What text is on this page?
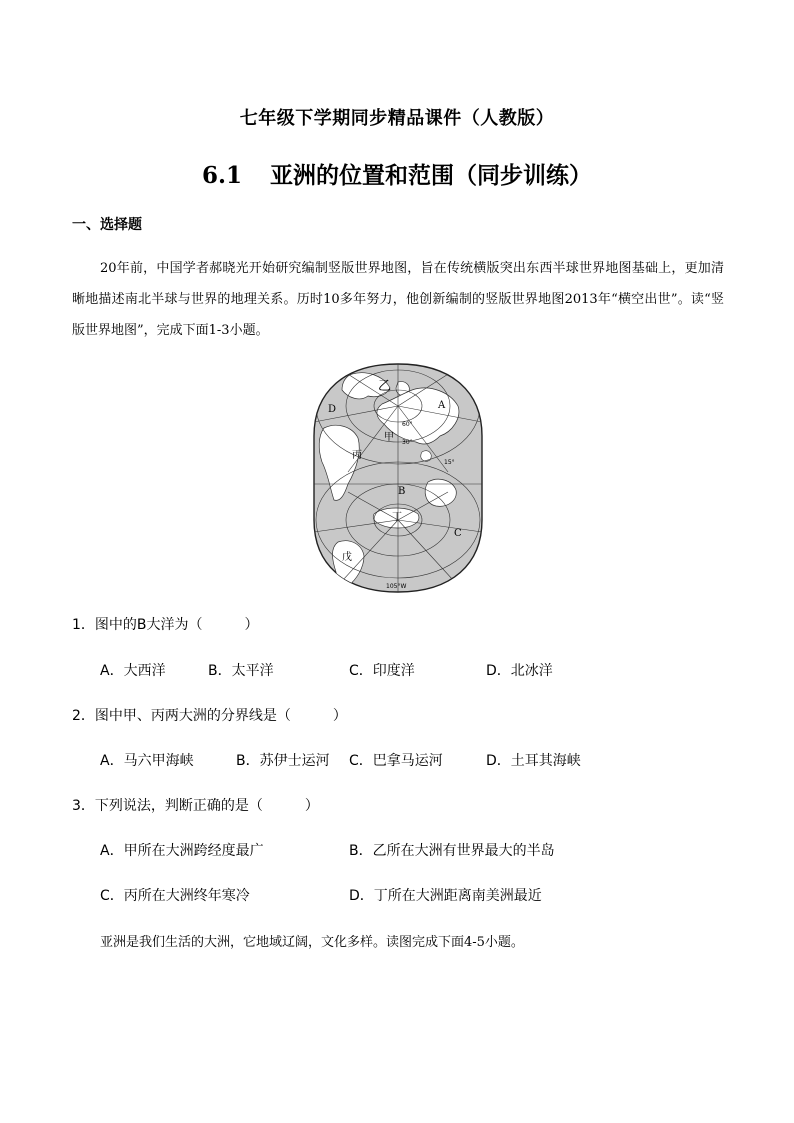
七年级下学期同步精品课件（人教版）
6.1 亚洲的位置和范围（同步训练）
一、选择题
20年前，中国学者郝晓光开始研究编制竖版世界地图，旨在传统横版突出东西半球世界地图基础上，更加清晰地描述南北半球与世界的地理关系。历时10多年努力，他创新编制的竖版世界地图2013年“横空出世”。读“竖版世界地图”，完成下面1-3小题。
乙
A
D
甲
丙
B
丁
C
戊
60°
30°
15°
105°W
1．图中的B大洋为（	）
A．大西洋	B．太平洋	C．印度洋	D．北冰洋
2．图中甲、丙两大洲的分界线是（	）
A．马六甲海峡	B．苏伊士运河 C．巴拿马运河	D．土耳其海峡
3．下列说法，判断正确的是（	）
A．甲所在大洲跨经度最广	B．乙所在大洲有世界最大的半岛
C．丙所在大洲终年寒冷	D．丁所在大洲距离南美洲最近
亚洲是我们生活的大洲，它地域辽阔，文化多样。读图完成下面4-5小题。
